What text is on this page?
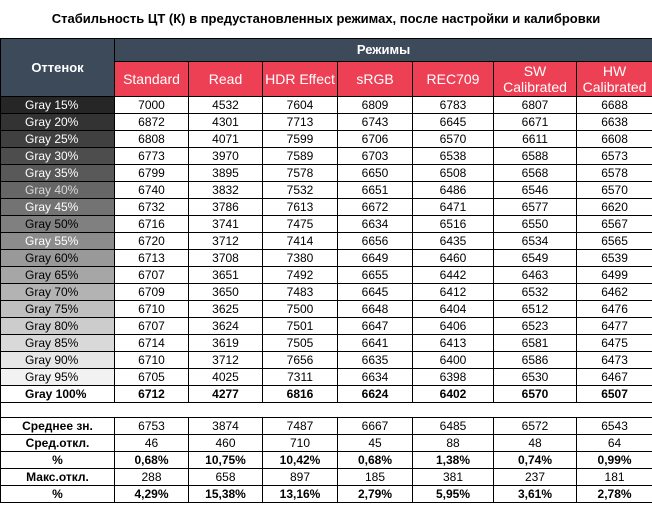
Стабильность ЦТ (К) в предустановленных режимах, после настройки и калибровки
Оттенок	Режимы						
	Standard	Read	HDR Effect	sRGB	REC709	SW Calibrated	HW Calibrated
Gray 15%	7000	4532	7604	6809	6783	6807	6688
Gray 20%	6872	4301	7713	6743	6645	6671	6638
Gray 25%	6808	4071	7599	6706	6570	6611	6608
Gray 30%	6773	3970	7589	6703	6538	6588	6573
Gray 35%	6799	3895	7578	6650	6508	6568	6578
Gray 40%	6740	3832	7532	6651	6486	6546	6570
Gray 45%	6732	3786	7613	6672	6471	6577	6620
Gray 50%	6716	3741	7475	6634	6516	6550	6567
Gray 55%	6720	3712	7414	6656	6435	6534	6565
Gray 60%	6713	3708	7380	6649	6460	6549	6539
Gray 65%	6707	3651	7492	6655	6442	6463	6499
Gray 70%	6709	3650	7483	6645	6412	6532	6462
Gray 75%	6710	3625	7500	6648	6404	6512	6476
Gray 80%	6707	3624	7501	6647	6406	6523	6477
Gray 85%	6714	3619	7505	6641	6413	6581	6475
Gray 90%	6710	3712	7656	6635	6400	6586	6473
Gray 95%	6705	4025	7311	6634	6398	6530	6467
Gray 100%	6712	4277	6816	6624	6402	6570	6507

Среднее зн.	6753	3874	7487	6667	6485	6572	6543
Сред.откл.	46	460	710	45	88	48	64
%	0,68%	10,75%	10,42%	0,68%	1,38%	0,74%	0,99%
Макс.откл.	288	658	897	185	381	237	181
%	4,29%	15,38%	13,16%	2,79%	5,95%	3,61%	2,78%
